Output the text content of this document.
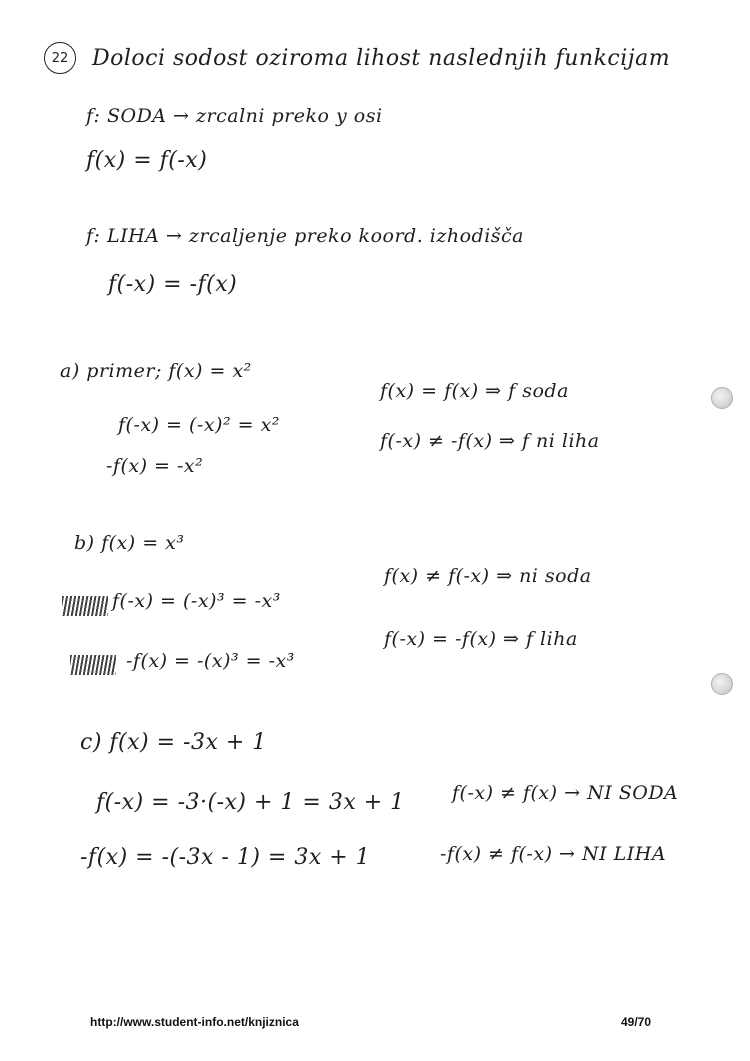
22 Doloci sodost oziroma lihost naslednjih funkcijam
f: SODA → zrcalni preko y osi
f(x) = f(-x)
f: LIHA → zrcaljenje preko koord. izhodišča
f(-x) = -f(x)
a) primer; f(x) = x²
f(-x) = (-x)² = x²
-f(x) = -x²
f(x) = f(x) ⇒ f soda
f(-x) ≠ -f(x) ⇒ f ni liha
b) f(x) = x³
f(-x) = (-x)³ = -x³
-f(x) = -(x)³ = -x³
f(x) ≠ f(-x) ⇒ ni soda
f(-x) = -f(x) ⇒ f liha
c) f(x) = -3x + 1
f(-x) = -3·(-x) + 1 = 3x + 1
-f(x) = -(-3x - 1) = 3x + 1
f(-x) ≠ f(x) → NI SODA
-f(x) ≠ f(-x) → NI LIHA
http://www.student-info.net/knjiznica	49/70
